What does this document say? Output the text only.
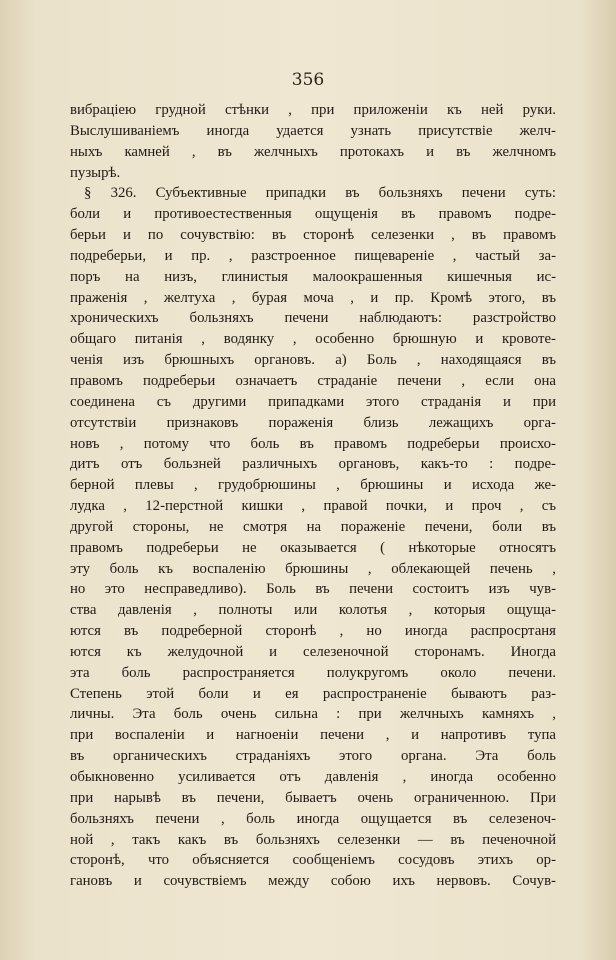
356
вибраціею грудной стѣнки , при приложеніи къ ней руки.
Выслушиваніемъ иногда удается узнать присутствіе желч-
ныхъ камней , въ желчныхъ протокахъ и въ желчномъ
пузырѣ.
§ 326. Субъективные припадки въ бользняхъ печени суть:
боли и противоестественныя ощущенія въ правомъ подре-
берьи и по сочувствію: въ сторонѣ селезенки , въ правомъ
подреберьи, и пр. , разстроенное пищевареніе , частый за-
поръ на низъ, глинистыя малоокрашенныя кишечныя ис-
праженія , желтуха , бурая моча , и пр. Кромѣ этого, въ
хроническихъ бользняхъ печени наблюдаютъ: разстройство
общаго питанія , водянку , особенно брюшную и кровоте-
ченія изъ брюшныхъ органовъ. а) Боль , находящаяся въ
правомъ подреберьи означаетъ страданіе печени , если она
соединена съ другими припадками этого страданія и при
отсутствіи признаковъ пораженія близь лежащихъ орга-
новъ , потому что боль въ правомъ подреберьи происхо-
дитъ отъ бользней различныхъ органовъ, какъ-то : подре-
берной плевы , грудобрюшины , брюшины и исхода же-
лудка , 12-перстной кишки , правой почки, и проч , съ
другой стороны, не смотря на пораженіе печени, боли въ
правомъ подреберьи не оказывается ( нѣкоторые относятъ
эту боль къ воспаленію брюшины , облекающей печень ,
но это несправедливо). Боль въ печени состоитъ изъ чув-
ства давленія , полноты или колотья , которыя ощуща-
ются въ подреберной сторонѣ , но иногда распросртаня
ются къ желудочной и селезеночной сторонамъ. Иногда
эта боль распространяется полукругомъ около печени.
Степень этой боли и ея распространеніе бываютъ раз-
личны. Эта боль очень сильна : при желчныхъ камняхъ ,
при воспаленіи и нагноеніи печени , и напротивъ тупа
въ органическихъ страданіяхъ этого органа. Эта боль
обыкновенно усиливается отъ давленія , иногда особенно
при нарывѣ въ печени, бываетъ очень ограниченною. При
бользняхъ печени , боль иногда ощущается въ селезеноч-
ной , такъ какъ въ бользняхъ селезенки — въ печеночной
сторонѣ, что объясняется сообщеніемъ сосудовъ этихъ ор-
гановъ и сочувствіемъ между собою ихъ нервовъ. Сочув-
